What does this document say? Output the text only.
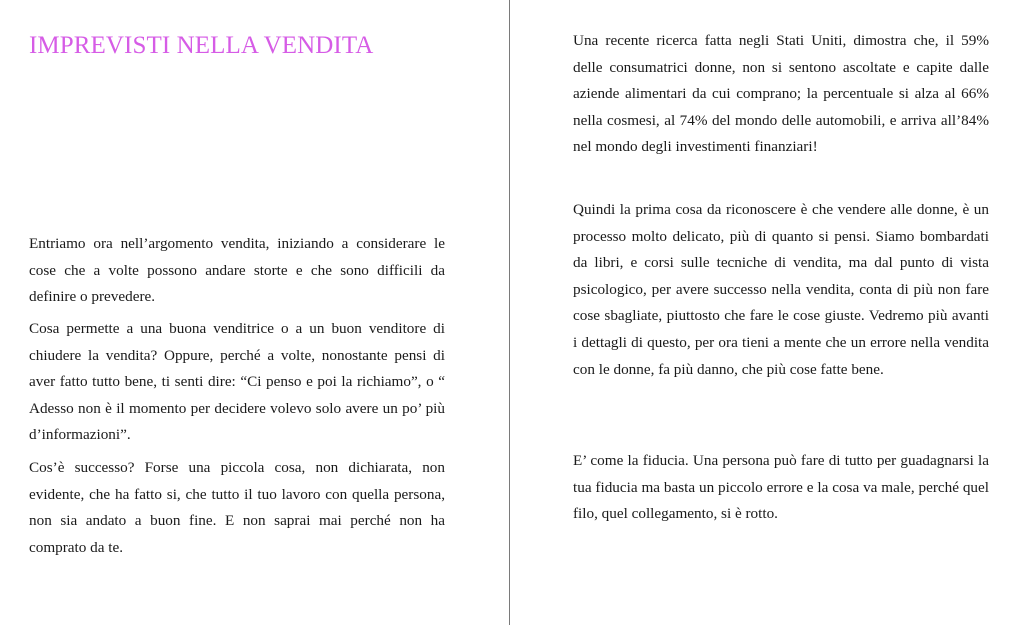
IMPREVISTI NELLA VENDITA

Entriamo ora nell’argomento vendita, iniziando a considerare le cose che a volte possono andare storte e che sono difficili da definire o prevedere.

Cosa permette a una buona venditrice o a un buon venditore di chiudere la vendita? Oppure, perché a volte, nonostante pensi di aver fatto tutto bene, ti senti dire: “Ci penso e poi la richiamo”, o “ Adesso non è il momento per decidere volevo solo avere un po’ più d’informazioni”.

Cos’è successo? Forse una piccola cosa, non dichiarata, non evidente, che ha fatto si, che tutto il tuo lavoro con quella persona, non sia andato a buon fine. E non saprai mai perché non ha comprato da te.

Una recente ricerca fatta negli Stati Uniti, dimostra che, il 59% delle consumatrici donne, non si sentono ascoltate e capite dalle aziende alimentari da cui comprano; la percentuale si alza al 66% nella cosmesi, al 74% del mondo delle automobili, e arriva all’84% nel mondo degli investimenti finanziari!

Quindi la prima cosa da riconoscere è che vendere alle donne, è un processo molto delicato, più di quanto si pensi. Siamo bombardati da libri, e corsi sulle tecniche di vendita, ma dal punto di vista psicologico, per avere successo nella vendita, conta di più non fare cose sbagliate, piuttosto che fare le cose giuste. Vedremo più avanti i dettagli di questo, per ora tieni a mente che un errore nella vendita con le donne, fa più danno, che più cose fatte bene.

E’ come la fiducia. Una persona può fare di tutto per guadagnarsi la tua fiducia ma basta un piccolo errore e la cosa va male, perché quel filo, quel collegamento, si è rotto.
